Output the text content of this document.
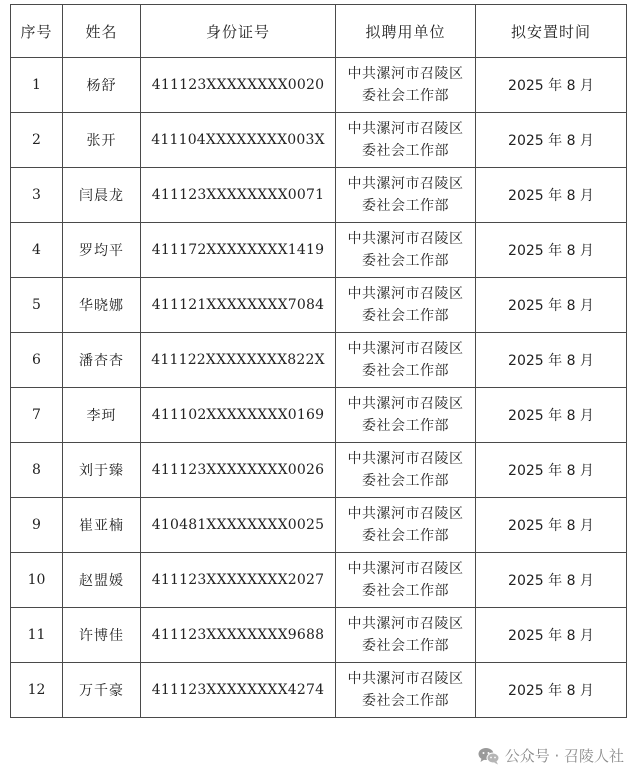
序号	姓名	身份证号	拟聘用单位	拟安置时间
1	杨舒	411123XXXXXXXX0020	中共漯河市召陵区委社会工作部	2025 年 8 月
2	张开	411104XXXXXXXX003X	中共漯河市召陵区委社会工作部	2025 年 8 月
3	闫晨龙	411123XXXXXXXX0071	中共漯河市召陵区委社会工作部	2025 年 8 月
4	罗均平	411172XXXXXXXX1419	中共漯河市召陵区委社会工作部	2025 年 8 月
5	华晓娜	411121XXXXXXXX7084	中共漯河市召陵区委社会工作部	2025 年 8 月
6	潘杏杏	411122XXXXXXXX822X	中共漯河市召陵区委社会工作部	2025 年 8 月
7	李珂	411102XXXXXXXX0169	中共漯河市召陵区委社会工作部	2025 年 8 月
8	刘于臻	411123XXXXXXXX0026	中共漯河市召陵区委社会工作部	2025 年 8 月
9	崔亚楠	410481XXXXXXXX0025	中共漯河市召陵区委社会工作部	2025 年 8 月
10	赵盟媛	411123XXXXXXXX2027	中共漯河市召陵区委社会工作部	2025 年 8 月
11	许博佳	411123XXXXXXXX9688	中共漯河市召陵区委社会工作部	2025 年 8 月
12	万千豪	411123XXXXXXXX4274	中共漯河市召陵区委社会工作部	2025 年 8 月
公众号 · 召陵人社
